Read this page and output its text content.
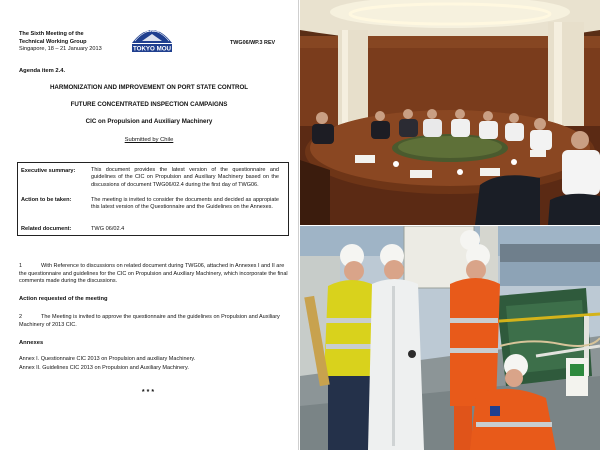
The Sixth Meeting of the
Technical Working Group
Singapore, 18 – 21 January 2013
ASIA-PACIFIC
TOKYO MOU
TWG06/WP.3 REV
Agenda item 2.4.
HARMONIZATION AND IMPROVEMENT ON PORT STATE CONTROL
FUTURE CONCENTRATED INSPECTION CAMPAIGNS
CIC on Propulsion and Auxiliary Machinery
Submitted by Chile
Executive summary:	This document provides the latest version of the questionnaire and guidelines of the CIC on Propulsion and Auxiliary Machinery based on the discussions of document TWG06/02.4 during the first day of TWG06.
Action to be taken:	The meeting is invited to consider the documents and decided as appropiate this latest version of the Questionnaire and the Guidelines on the Annexes.
Related document:	TWG 06/02.4
1	With Reference to discussions on related document during TWG06, attached in Annexes I and II are the questionnaire and guidelines for the CIC on Propulsion and Auxiliary Machinery, which incorporate the final comments made during the discussions.
Action requested of the meeting
2	The Meeting is invited to approve the questionnaire and the guidelines on Propulsion and Auxiliary Machinery of 2013 CIC.
Annexes
Annex I. Questionnaire CIC 2013 on Propulsion and auxiliary Machinery.
Annex II. Guidelines CIC 2013 on Propulsion and Auxiliary Machinery.
***
